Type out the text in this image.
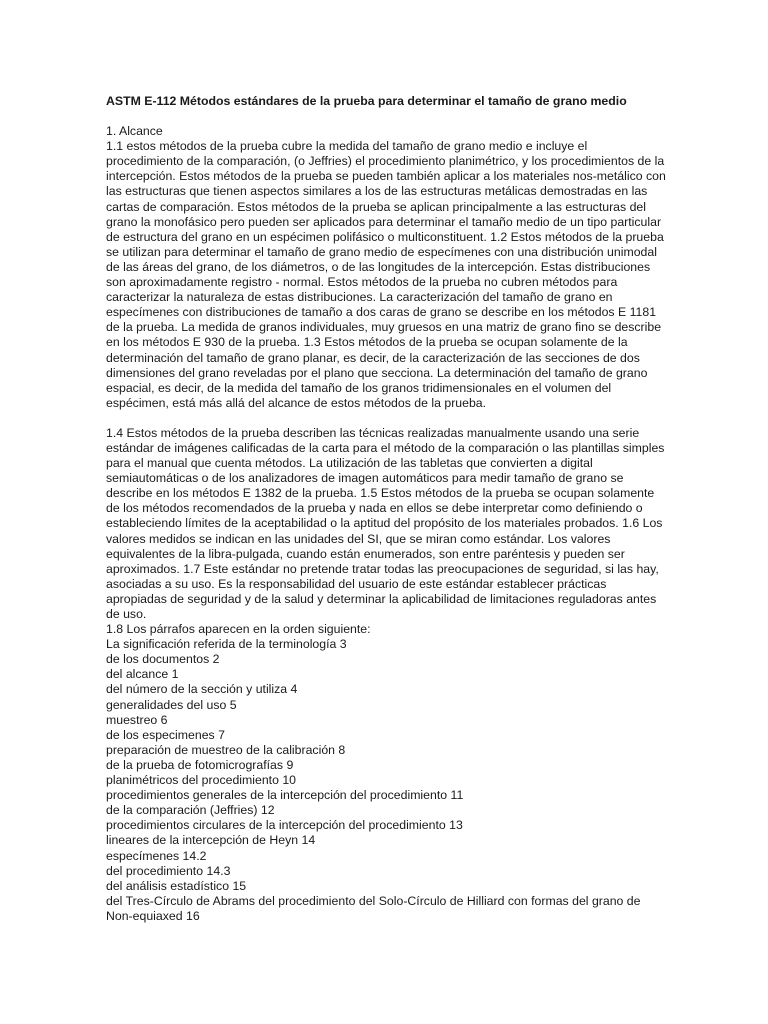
ASTM E-112 Métodos estándares de la prueba para determinar el tamaño de grano medio
1. Alcance
1.1 estos métodos de la prueba cubre la medida del tamaño de grano medio e incluye el procedimiento de la comparación, (o Jeffries) el procedimiento planimétrico, y los procedimientos de la intercepción. Estos métodos de la prueba se pueden también aplicar a los materiales nos-metálico con las estructuras que tienen aspectos similares a los de las estructuras metálicas demostradas en las cartas de comparación. Estos métodos de la prueba se aplican principalmente a las estructuras del grano la monofásico pero pueden ser aplicados para determinar el tamaño medio de un tipo particular de estructura del grano en un espécimen polifásico o multiconstituent. 1.2 Estos métodos de la prueba se utilizan para determinar el tamaño de grano medio de especímenes con una distribución unimodal de las áreas del grano, de los diámetros, o de las longitudes de la intercepción. Estas distribuciones son aproximadamente registro - normal. Estos métodos de la prueba no cubren métodos para caracterizar la naturaleza de estas distribuciones. La caracterización del tamaño de grano en especímenes con distribuciones de tamaño a dos caras de grano se describe en los métodos E 1181 de la prueba. La medida de granos individuales, muy gruesos en una matriz de grano fino se describe en los métodos E 930 de la prueba. 1.3 Estos métodos de la prueba se ocupan solamente de la determinación del tamaño de grano planar, es decir, de la caracterización de las secciones de dos dimensiones del grano reveladas por el plano que secciona. La determinación del tamaño de grano espacial, es decir, de la medida del tamaño de los granos tridimensionales en el volumen del espécimen, está más allá del alcance de estos métodos de la prueba.
1.4 Estos métodos de la prueba describen las técnicas realizadas manualmente usando una serie estándar de imágenes calificadas de la carta para el método de la comparación o las plantillas simples para el manual que cuenta métodos. La utilización de las tabletas que convierten a digital semiautomáticas o de los analizadores de imagen automáticos para medir tamaño de grano se describe en los métodos E 1382 de la prueba. 1.5 Estos métodos de la prueba se ocupan solamente de los métodos recomendados de la prueba y nada en ellos se debe interpretar como definiendo o estableciendo límites de la aceptabilidad o la aptitud del propósito de los materiales probados. 1.6 Los valores medidos se indican en las unidades del SI, que se miran como estándar. Los valores equivalentes de la libra-pulgada, cuando están enumerados, son entre paréntesis y pueden ser aproximados. 1.7 Este estándar no pretende tratar todas las preocupaciones de seguridad, si las hay, asociadas a su uso. Es la responsabilidad del usuario de este estándar establecer prácticas apropiadas de seguridad y de la salud y determinar la aplicabilidad de limitaciones reguladoras antes de uso.
1.8 Los párrafos aparecen en la orden siguiente:
La significación referida de la terminología 3
de los documentos 2
del alcance 1
del número de la sección y utiliza 4
generalidades del uso 5
muestreo 6
de los especimenes 7
preparación de muestreo de la calibración 8
de la prueba de fotomicrografías 9
planimétricos del procedimiento 10
procedimientos generales de la intercepción del procedimiento 11
de la comparación (Jeffries) 12
procedimientos circulares de la intercepción del procedimiento 13
lineares de la intercepción de Heyn 14
especímenes 14.2
del procedimiento 14.3
del análisis estadístico 15
del Tres-Círculo de Abrams del procedimiento del Solo-Círculo de Hilliard con formas del grano de Non-equiaxed 16
